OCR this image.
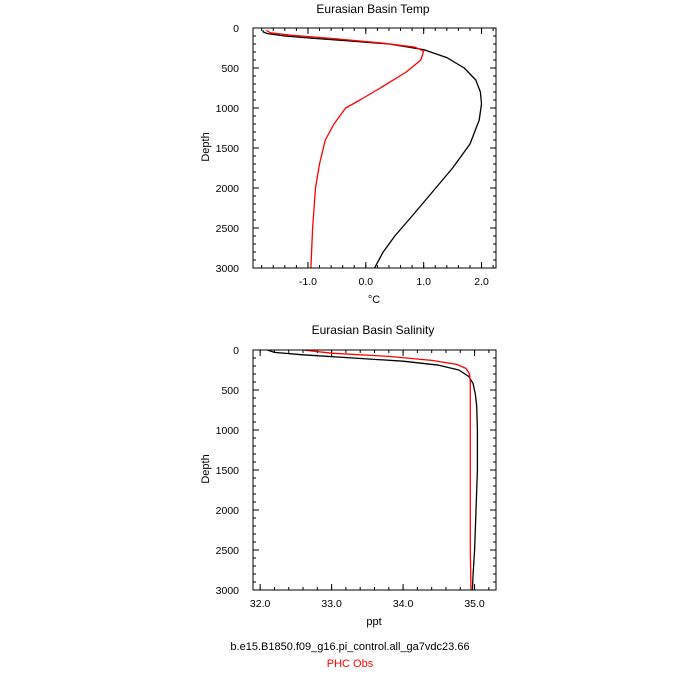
Eurasian Basin Temp
Depth
°C
-1.0	0.0	1.0	2.0
0
500
1000
1500
2000
2500
3000
Eurasian Basin Salinity
Depth
ppt
32.0	33.0	34.0	35.0
0
500
1000
1500
2000
2500
3000
b.e15.B1850.f09_g16.pi_control.all_ga7vdc23.66
PHC Obs
